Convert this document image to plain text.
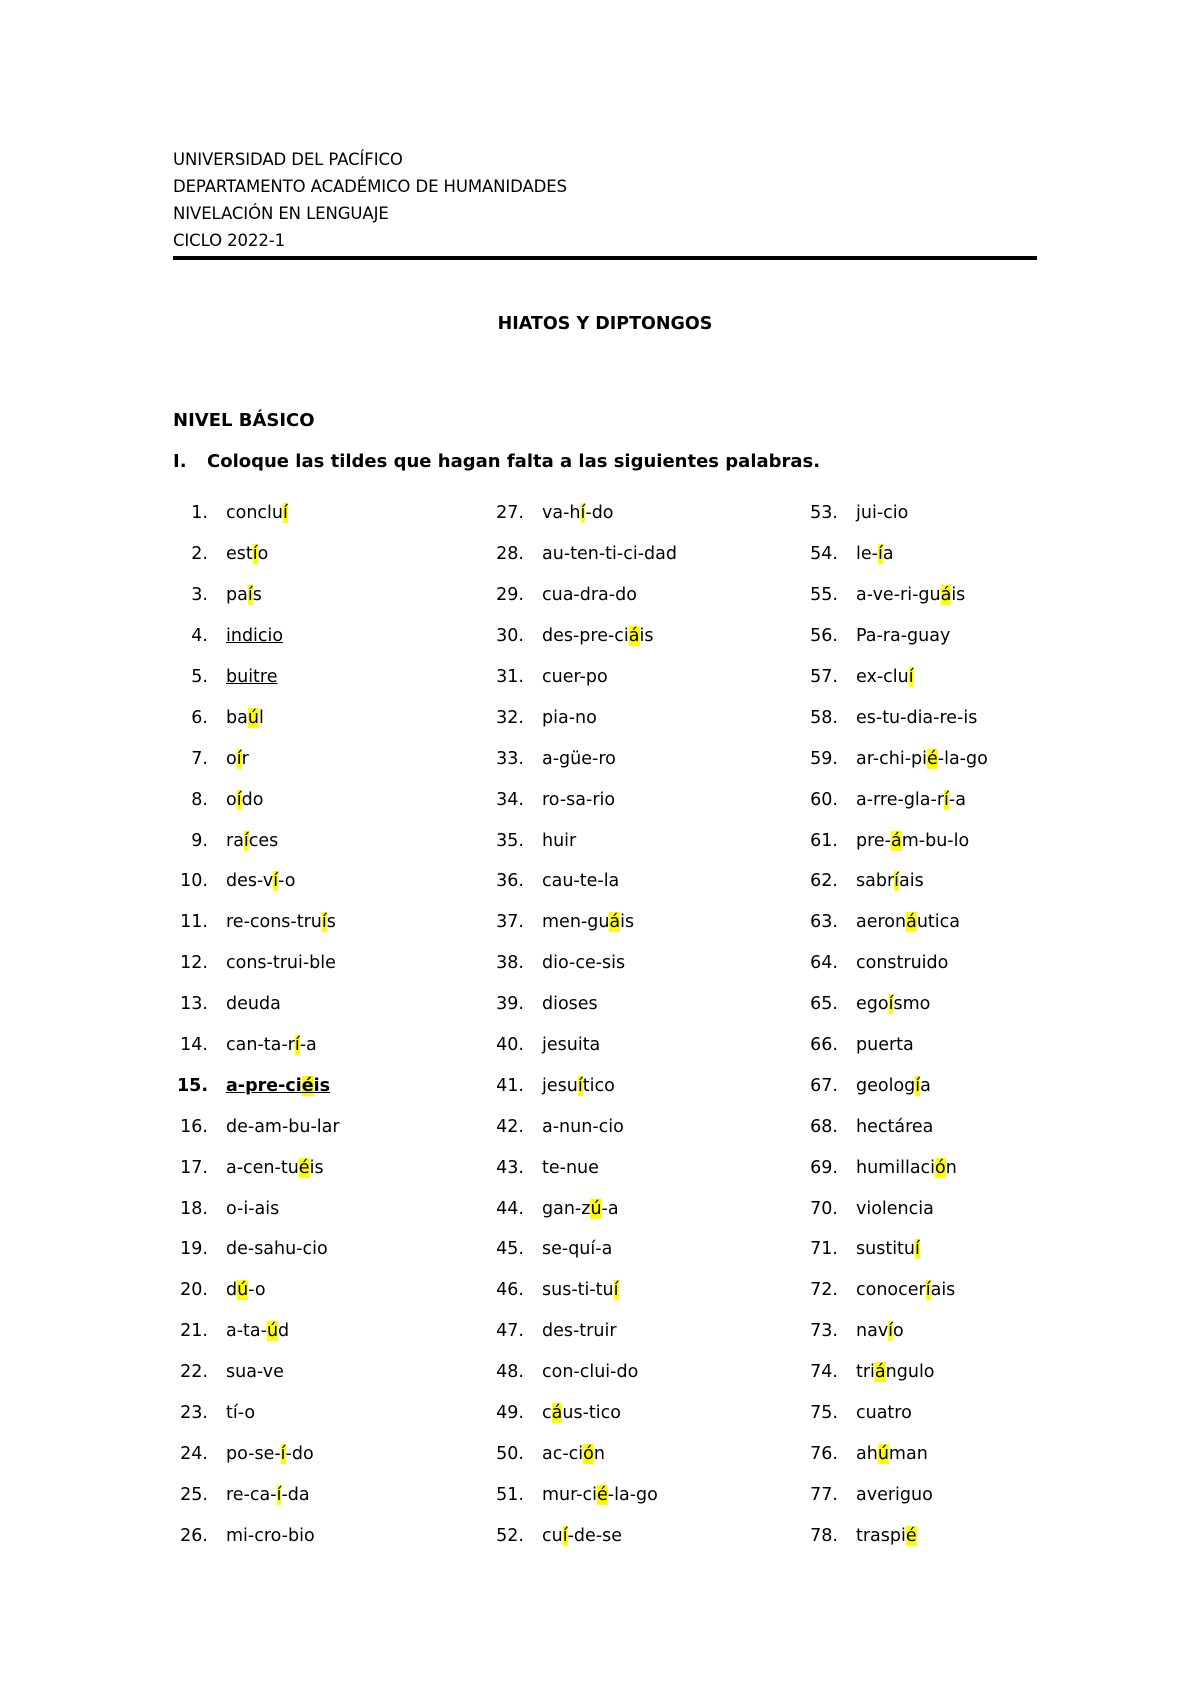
UNIVERSIDAD DEL PACÍFICO
DEPARTAMENTO ACADÉMICO DE HUMANIDADES
NIVELACIÓN EN LENGUAJE
CICLO 2022-1
HIATOS Y DIPTONGOS
NIVEL BÁSICO
I. Coloque las tildes que hagan falta a las siguientes palabras.
1. concluí
2. estío
3. país
4. indicio
5. buitre
6. baúl
7. oír
8. oído
9. raíces
10. des-ví-o
11. re-cons-truís
12. cons-trui-ble
13. deuda
14. can-ta-rí-a
15. a-pre-ciéis
16. de-am-bu-lar
17. a-cen-tuéis
18. o-i-ais
19. de-sahu-cio
20. dú-o
21. a-ta-úd
22. sua-ve
23. tí-o
24. po-se-í-do
25. re-ca-í-da
26. mi-cro-bio
27. va-hí-do
28. au-ten-ti-ci-dad
29. cua-dra-do
30. des-pre-ciáis
31. cuer-po
32. pia-no
33. a-güe-ro
34. ro-sa-rio
35. huir
36. cau-te-la
37. men-guáis
38. dio-ce-sis
39. dioses
40. jesuita
41. jesuítico
42. a-nun-cio
43. te-nue
44. gan-zú-a
45. se-quí-a
46. sus-ti-tuí
47. des-truir
48. con-clui-do
49. cáus-tico
50. ac-ción
51. mur-cié-la-go
52. cuí-de-se
53. jui-cio
54. le-ía
55. a-ve-ri-guáis
56. Pa-ra-guay
57. ex-cluí
58. es-tu-dia-re-is
59. ar-chi-pié-la-go
60. a-rre-gla-rí-a
61. pre-ám-bu-lo
62. sabríais
63. aeronáutica
64. construido
65. egoísmo
66. puerta
67. geología
68. hectárea
69. humillación
70. violencia
71. sustituí
72. conoceríais
73. navío
74. triángulo
75. cuatro
76. ahúman
77. averiguo
78. traspié
